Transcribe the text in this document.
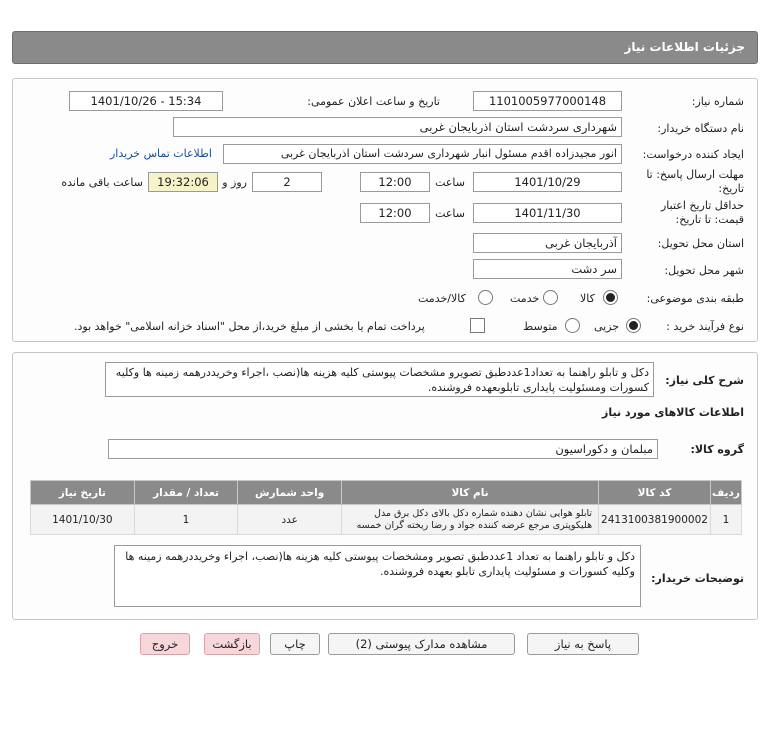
جزئیات اطلاعات نیاز
شماره نیاز:
1101005977000148
تاریخ و ساعت اعلان عمومی:
1401/10/26 - 15:34
نام دستگاه خریدار:
شهرداری سردشت استان اذربایجان غربی
ایجاد کننده درخواست:
انور مجیدزاده اقدم مسئول انبار شهرداری سردشت استان اذربایجان غربی
اطلاعات تماس خریدار
مهلت ارسال پاسخ: تا تاریخ:
1401/10/29
ساعت
12:00
2
روز و
19:32:06
ساعت باقی مانده
حداقل تاریخ اعتبار قیمت: تا تاریخ:
1401/11/30
ساعت
12:00
استان محل تحویل:
آذربایجان غربی
شهر محل تحویل:
سر دشت
طبقه بندی موضوعی:
کالا
خدمت
کالا/خدمت
نوع فرآیند خرید :
جزیی
متوسط
پرداخت تمام یا بخشی از مبلغ خرید،از محل "اسناد خزانه اسلامی" خواهد بود.
شرح کلی نیاز:
دکل و تابلو راهنما به تعداد1عددطبق تصویرو مشخصات پیوستی کلیه هزینه ها(نصب ،اجراء وخریددرهمه زمینه ها وکلیه کسورات ومسئولیت پایداری تابلوبعهده فروشنده.
اطلاعات کالاهای مورد نیاز
گروه کالا:
مبلمان و دکوراسیون
ردیف	کد کالا	نام کالا	واحد شمارش	تعداد / مقدار	تاریخ نیاز
1	2413100381900002	تابلو هوایی نشان دهنده شماره دکل بالای دکل برق مدل هلیکوپتری مرجع عرضه کننده جواد و رضا ریخته گران خمسه	عدد	1	1401/10/30
توضیحات خریدار:
دکل و تابلو راهنما به تعداد 1عددطبق تصویر ومشخصات پیوستی کلیه هزینه ها(نصب، اجراء وخریددرهمه زمینه ها وکلیه کسورات و مسئولیت پایداری تابلو بعهده فروشنده.
پاسخ به نیاز
مشاهده مدارک پیوستی (2)
چاپ
بازگشت
خروج
